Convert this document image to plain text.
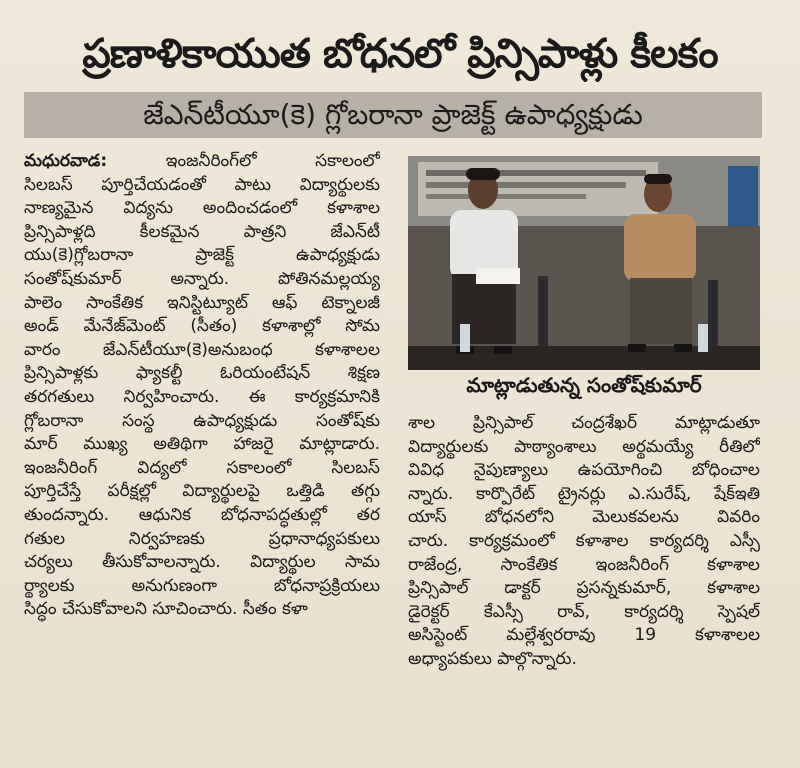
ప్రణాళికాయుత బోధనలో ప్రిన్సిపాళ్లు కీలకం
జేఎన్‌టీయూ(కె) గ్లోబరానా ప్రాజెక్ట్ ఉపాధ్యక్షుడు
మధురవాడ:	ఇంజనీరింగ్‌లో సకాలంలో
సిలబస్ పూర్తిచేయడంతో పాటు విద్యార్థులకు
నాణ్యమైన విద్యను అందించడంలో కళాశాల
ప్రిన్సిపాళ్లది కీలకమైన పాత్రని జేఎన్‌టీ
యు(కె)గ్లోబరానా ప్రాజెక్ట్ ఉపాధ్యక్షుడు
సంతోష్‌కుమార్ అన్నారు. పోతినమల్లయ్య
పాలెం సాంకేతిక ఇనిస్టిట్యూట్ ఆఫ్ టెక్నాలజీ
అండ్ మేనేజ్‌మెంట్ (సీతం) కళాశాల్లో సోమ
వారం జేఎన్‌టీయూ(కె)అనుబంధ కళాశాలల
ప్రిన్సిపాళ్లకు ఫ్యాకల్టీ ఓరియంటేషన్ శిక్షణ
తరగతులు నిర్వహించారు. ఈ కార్యక్రమానికి
గ్లోబరానా సంస్థ ఉపాధ్యక్షుడు సంతోష్‌కు
మార్ ముఖ్య అతిథిగా హాజరై మాట్లాడారు.
ఇంజనీరింగ్ విద్యలో సకాలంలో సిలబస్
పూర్తిచేస్తే పరీక్షల్లో విద్యార్థులపై ఒత్తిడి తగ్గు
తుందన్నారు. ఆధునిక బోధనాపద్ధతుల్లో తర
గతుల నిర్వహణకు ప్రధానాధ్యపకులు
చర్యలు తీసుకోవాలన్నారు. విద్యార్థుల సామ
ర్థ్యాలకు అనుగుణంగా బోధనాప్రక్రియలు
సిద్ధం చేసుకోవాలని సూచించారు. సీతం కళా
మాట్లాడుతున్న సంతోష్‌కుమార్
శాల ప్రిన్సిపాల్ చంద్రశేఖర్ మాట్లాడుతూ
విద్యార్థులకు పాఠ్యాంశాలు అర్థమయ్యే రీతిలో
వివిధ నైపుణ్యాలు ఉపయోగించి బోధించాల
న్నారు. కార్పొరేట్ ట్రైనర్లు ఎ.సురేష్, షేక్ఇతి
యాస్ బోధనలోని మెలుకవలను వివరిం
చారు. కార్యక్రమంలో కళాశాల కార్యదర్శి ఎస్సీ
రాజేంద్ర, సాంకేతిక ఇంజనీరింగ్ కళాశాల
ప్రిన్సిపాల్ డాక్టర్ ప్రసన్నకుమార్, కళాశాల
డైరెక్టర్ కేఎస్సీ రావ్, కార్యదర్శి స్పెషల్
అసిస్టెంట్ మల్లేశ్వరరావు 19 కళాశాలల
అధ్యాపకులు పాల్గొన్నారు.
